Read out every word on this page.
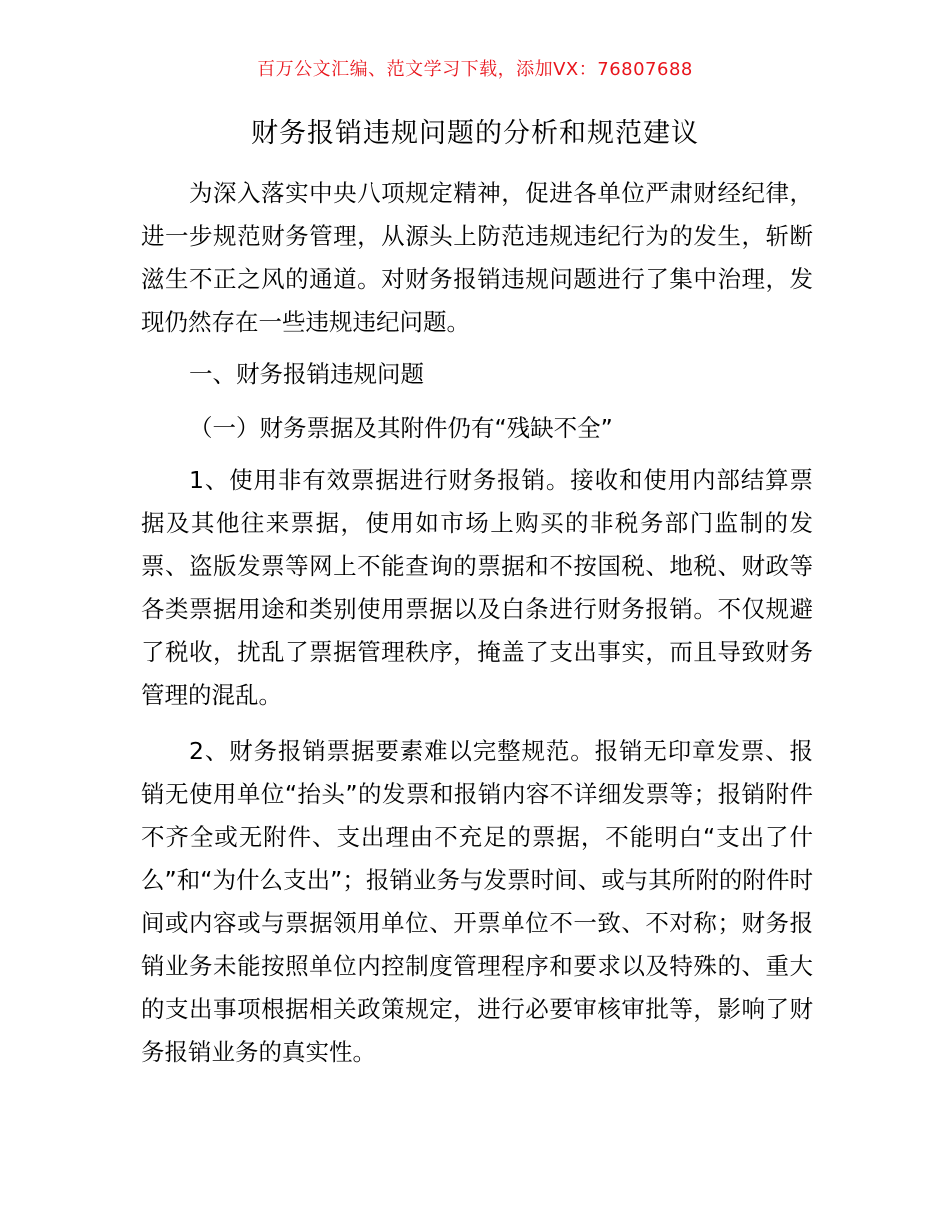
百万公文汇编、范文学习下载，添加VX：76807688
财务报销违规问题的分析和规范建议

为深入落实中央八项规定精神，促进各单位严肃财经纪律，进一步规范财务管理，从源头上防范违规违纪行为的发生，斩断滋生不正之风的通道。对财务报销违规问题进行了集中治理，发现仍然存在一些违规违纪问题。

一、财务报销违规问题

（一）财务票据及其附件仍有“残缺不全”

1、使用非有效票据进行财务报销。接收和使用内部结算票据及其他往来票据，使用如市场上购买的非税务部门监制的发票、盗版发票等网上不能查询的票据和不按国税、地税、财政等各类票据用途和类别使用票据以及白条进行财务报销。不仅规避了税收，扰乱了票据管理秩序，掩盖了支出事实，而且导致财务管理的混乱。

2、财务报销票据要素难以完整规范。报销无印章发票、报销无使用单位“抬头”的发票和报销内容不详细发票等；报销附件不齐全或无附件、支出理由不充足的票据，不能明白“支出了什么”和“为什么支出”；报销业务与发票时间、或与其所附的附件时间或内容或与票据领用单位、开票单位不一致、不对称；财务报销业务未能按照单位内控制度管理程序和要求以及特殊的、重大的支出事项根据相关政策规定，进行必要审核审批等，影响了财务报销业务的真实性。
